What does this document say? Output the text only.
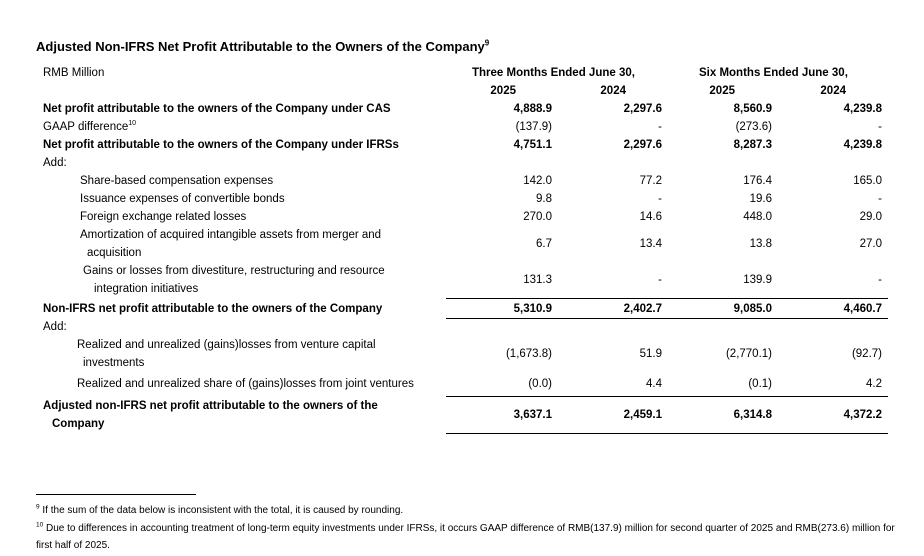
Adjusted Non-IFRS Net Profit Attributable to the Owners of the Company$^9$
RMB Million	Three Months Ended June 30,	Six Months Ended June 30,
2025	2024	2025	2024
Net profit attributable to the owners of the Company under CAS	4,888.9	2,297.6	8,560.9	4,239.8
GAAP difference$^{10}$	(137.9)	-	(273.6)	-
Net profit attributable to the owners of the Company under IFRSs	4,751.1	2,297.6	8,287.3	4,239.8
Add:
Share-based compensation expenses	142.0	77.2	176.4	165.0
Issuance expenses of convertible bonds	9.8	-	19.6	-
Foreign exchange related losses	270.0	14.6	448.0	29.0
Amortization of acquired intangible assets from merger and
acquisition
6.7	13.4	13.8	27.0
Gains or losses from divestiture, restructuring and resource
integration initiatives
131.3	-	139.9	-
Non-IFRS net profit attributable to the owners of the Company	5,310.9	2,402.7	9,085.0	4,460.7
Add:
Realized and unrealized (gains)losses from venture capital
investments
(1,673.8)	51.9	(2,770.1)	(92.7)
Realized and unrealized share of (gains)losses from joint ventures	(0.0)	4.4	(0.1)	4.2
Adjusted non-IFRS net profit attributable to the owners of the
Company
3,637.1	2,459.1	6,314.8	4,372.2
$^9$ If the sum of the data below is inconsistent with the total, it is caused by rounding.
$^{10}$ Due to differences in accounting treatment of long-term equity investments under IFRSs, it occurs GAAP difference of RMB(137.9) million for second quarter of 2025 and RMB(273.6) million for first half of 2025.
